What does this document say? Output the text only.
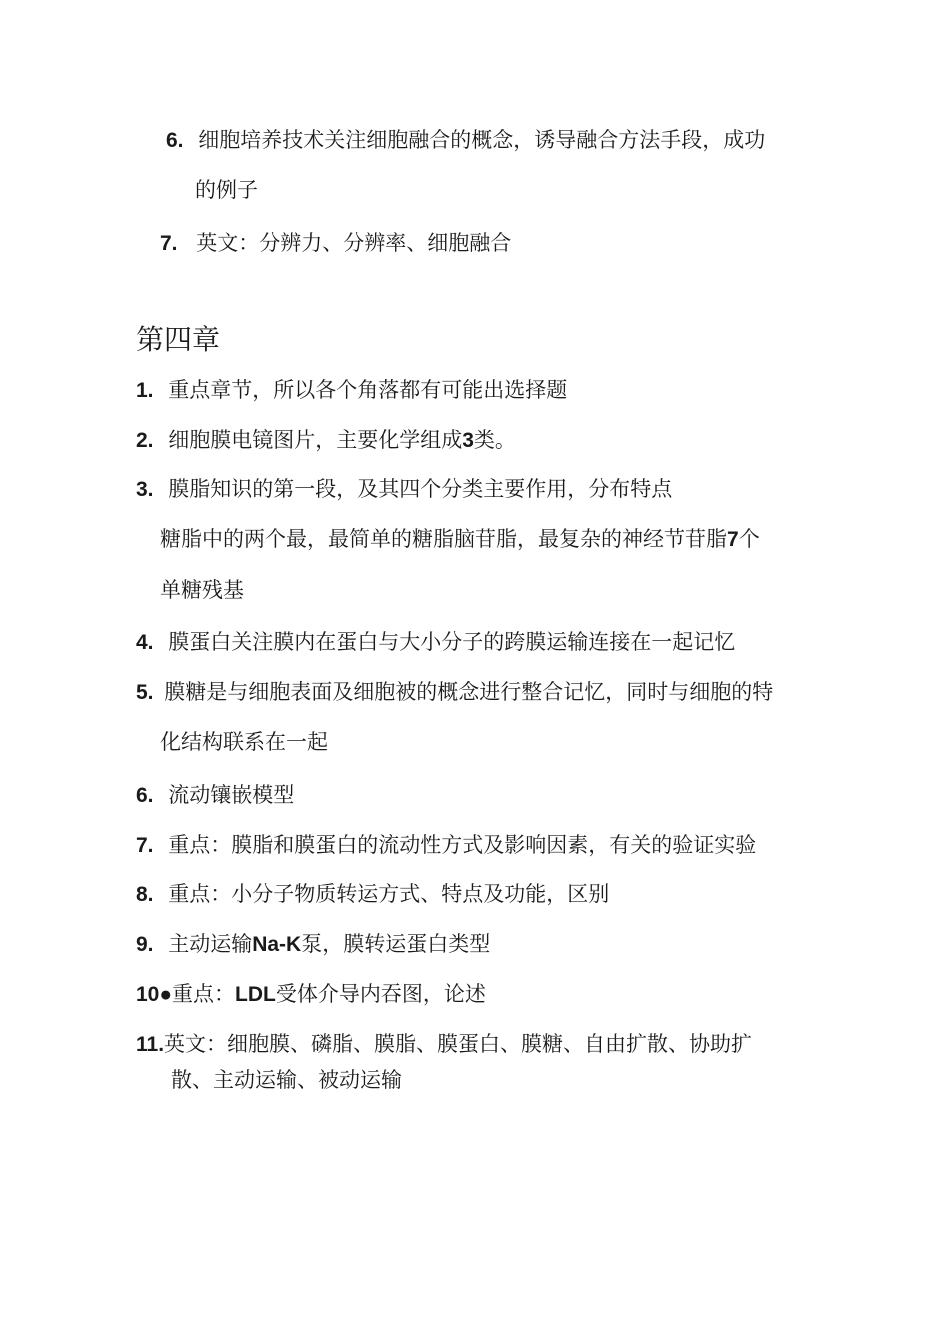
6. 细胞培养技术关注细胞融合的概念，诱导融合方法手段，成功
的例子
7. 英文：分辨力、分辨率、细胞融合
第四章
1. 重点章节，所以各个角落都有可能出选择题
2. 细胞膜电镜图片，主要化学组成3类。
3. 膜脂知识的第一段，及其四个分类主要作用，分布特点
糖脂中的两个最，最简单的糖脂脑苷脂，最复杂的神经节苷脂7个
单糖残基
4. 膜蛋白关注膜内在蛋白与大小分子的跨膜运输连接在一起记忆
5. 膜糖是与细胞表面及细胞被的概念进行整合记忆，同时与细胞的特
化结构联系在一起
6. 流动镶嵌模型
7. 重点：膜脂和膜蛋白的流动性方式及影响因素，有关的验证实验
8. 重点：小分子物质转运方式、特点及功能，区别
9. 主动运输Na-K泵，膜转运蛋白类型
10●重点：LDL受体介导内吞图，论述
11.英文：细胞膜、磷脂、膜脂、膜蛋白、膜糖、自由扩散、协助扩
散、主动运输、被动运输
